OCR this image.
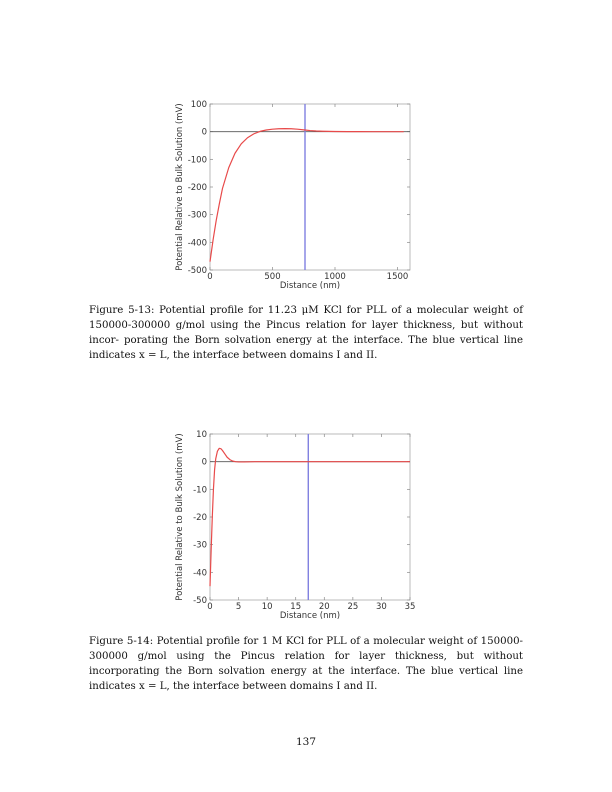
100
0
-100
-200
-300
-400
-500
0	500	1000	1500
Distance (nm)
Potential Relative to Bulk Solution (mV)

Figure 5-13: Potential profile for 11.23 μM KCl for PLL of a molecular weight of 150000-300000 g/mol using the Pincus relation for layer thickness, but without incor- porating the Born solvation energy at the interface. The blue vertical line indicates x = L, the interface between domains I and II.

10
0
-10
-20
-30
-40
-50
0	5 10 15 20 25 30 35
Distance (nm)
Potential Relative to Bulk Solution (mV)

Figure 5-14: Potential profile for 1 M KCl for PLL of a molecular weight of 150000- 300000 g/mol using the Pincus relation for layer thickness, but without incorporating the Born solvation energy at the interface. The blue vertical line indicates x = L, the interface between domains I and II.

137
